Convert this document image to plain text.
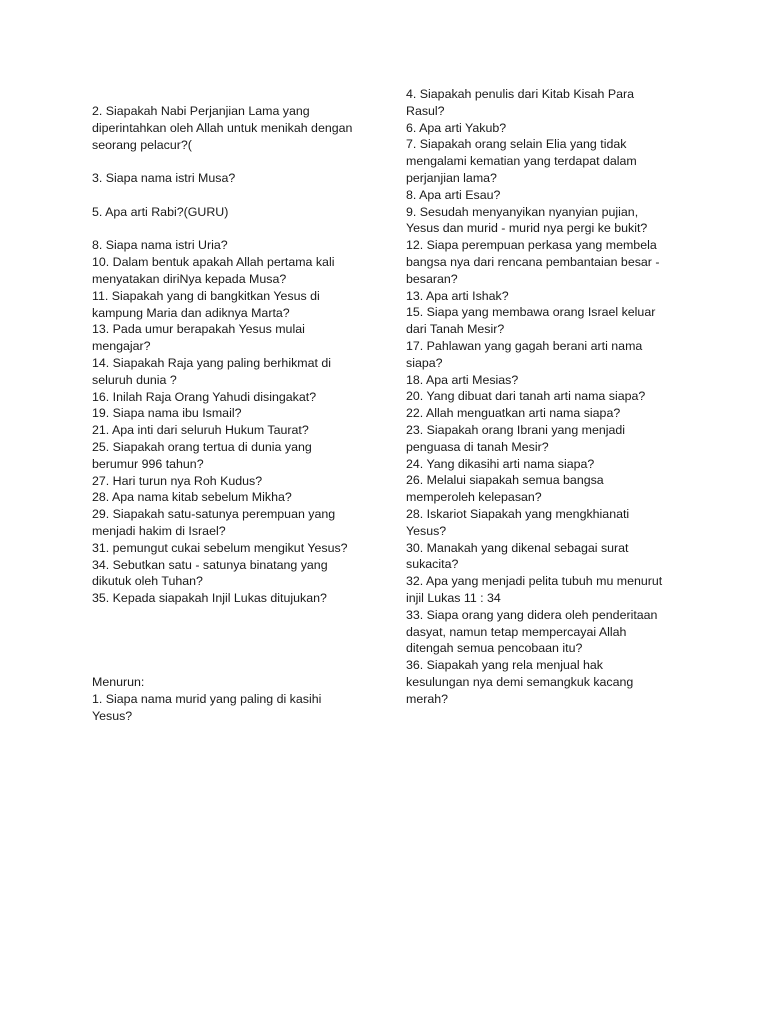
2. Siapakah Nabi Perjanjian Lama yang
diperintahkan oleh Allah untuk menikah dengan
seorang pelacur?(
3. Siapa nama istri Musa?
5. Apa arti Rabi?(GURU)
8. Siapa nama istri Uria?
10. Dalam bentuk apakah Allah pertama kali
menyatakan diriNya kepada Musa?
11. Siapakah yang di bangkitkan Yesus di
kampung Maria dan adiknya Marta?
13. Pada umur berapakah Yesus mulai
mengajar?
14. Siapakah Raja yang paling berhikmat di
seluruh dunia ?
16. Inilah Raja Orang Yahudi disingakat?
19. Siapa nama ibu Ismail?
21. Apa inti dari seluruh Hukum Taurat?
25. Siapakah orang tertua di dunia yang
berumur 996 tahun?
27. Hari turun nya Roh Kudus?
28. Apa nama kitab sebelum Mikha?
29. Siapakah satu-satunya perempuan yang
menjadi hakim di Israel?
31. pemungut cukai sebelum mengikut Yesus?
34. Sebutkan satu - satunya binatang yang
dikutuk oleh Tuhan?
35. Kepada siapakah Injil Lukas ditujukan?
Menurun:
1. Siapa nama murid yang paling di kasihi
Yesus?
4. Siapakah penulis dari Kitab Kisah Para
Rasul?
6. Apa arti Yakub?
7. Siapakah orang selain Elia yang tidak
mengalami kematian yang terdapat dalam
perjanjian lama?
8. Apa arti Esau?
9. Sesudah menyanyikan nyanyian pujian,
Yesus dan murid - murid nya pergi ke bukit?
12. Siapa perempuan perkasa yang membela
bangsa nya dari rencana pembantaian besar -
besaran?
13. Apa arti Ishak?
15. Siapa yang membawa orang Israel keluar
dari Tanah Mesir?
17. Pahlawan yang gagah berani arti nama
siapa?
18. Apa arti Mesias?
20. Yang dibuat dari tanah arti nama siapa?
22. Allah menguatkan arti nama siapa?
23. Siapakah orang Ibrani yang menjadi
penguasa di tanah Mesir?
24. Yang dikasihi arti nama siapa?
26. Melalui siapakah semua bangsa
memperoleh kelepasan?
28. Iskariot Siapakah yang mengkhianati
Yesus?
30. Manakah yang dikenal sebagai surat
sukacita?
32. Apa yang menjadi pelita tubuh mu menurut
injil Lukas 11 : 34
33. Siapa orang yang didera oleh penderitaan
dasyat, namun tetap mempercayai Allah
ditengah semua pencobaan itu?
36. Siapakah yang rela menjual hak
kesulungan nya demi semangkuk kacang
merah?
